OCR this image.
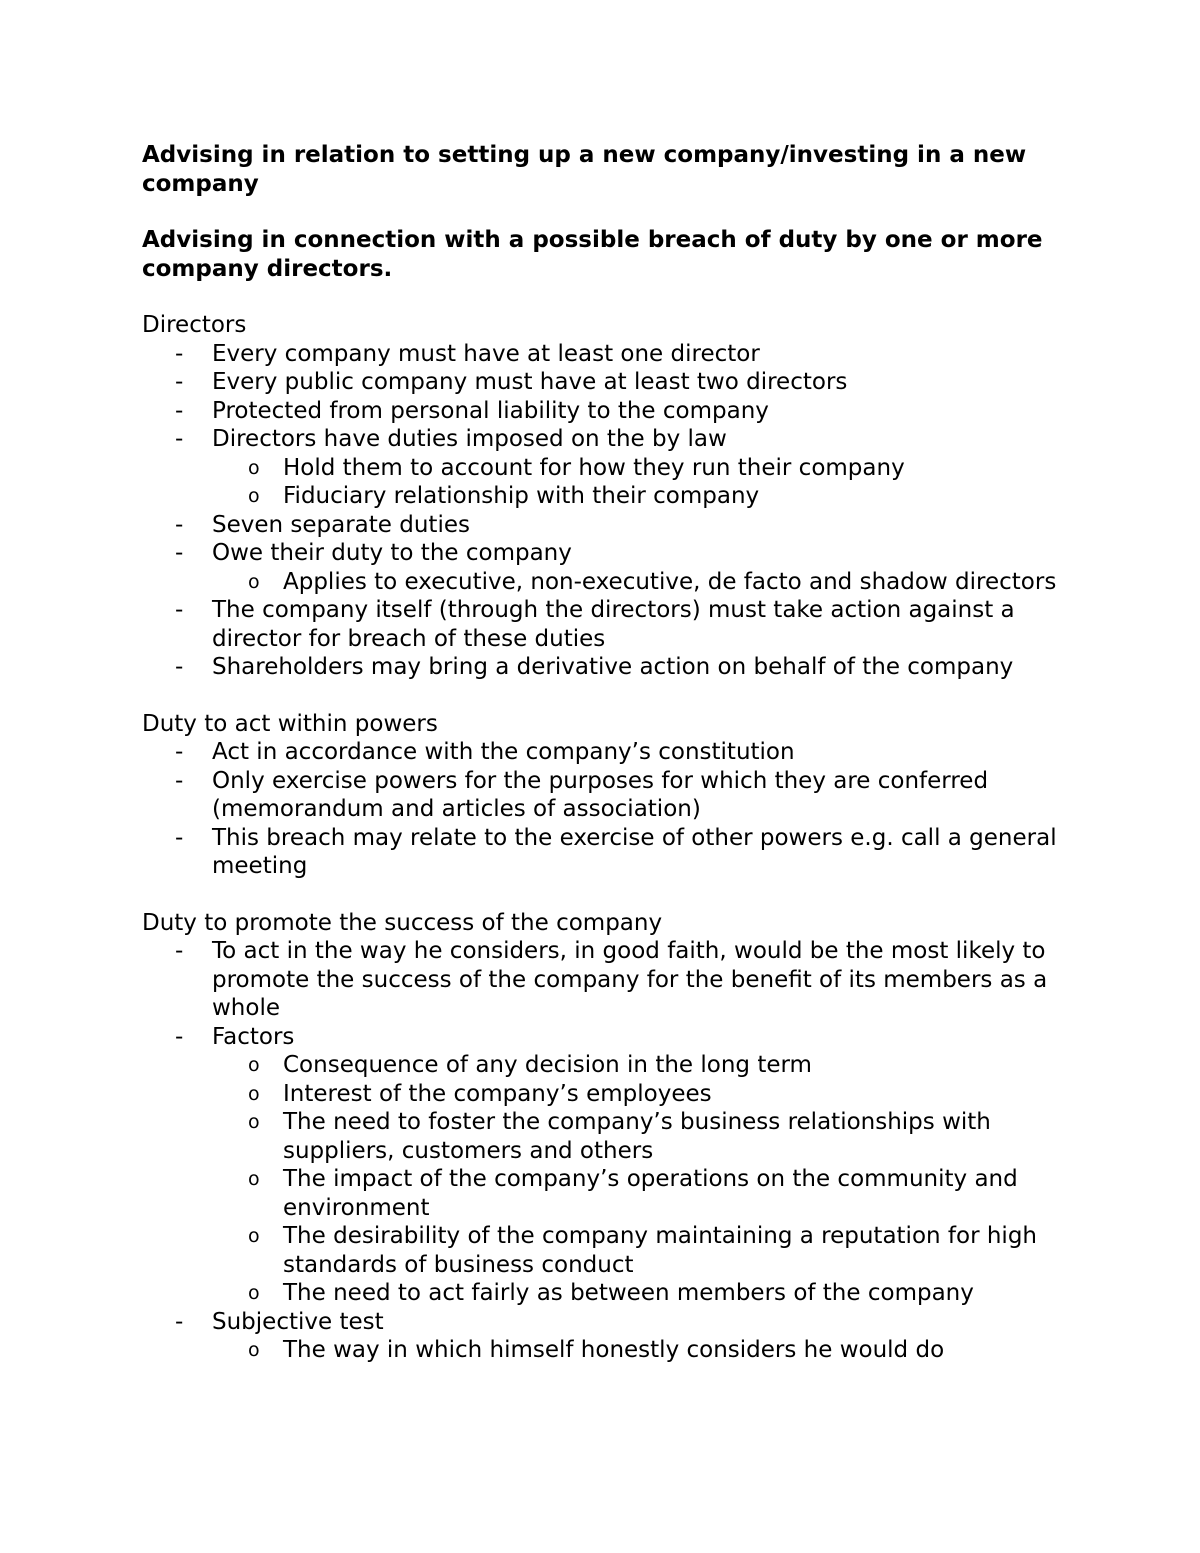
Advising in relation to setting up a new company/investing in a new company

Advising in connection with a possible breach of duty by one or more company directors.

Directors

- Every company must have at least one director
- Every public company must have at least two directors
- Protected from personal liability to the company
- Directors have duties imposed on the by law
o Hold them to account for how they run their company
o Fiduciary relationship with their company
- Seven separate duties
- Owe their duty to the company
o Applies to executive, non-executive, de facto and shadow directors
- The company itself (through the directors) must take action against a director for breach of these duties
- Shareholders may bring a derivative action on behalf of the company

Duty to act within powers

- Act in accordance with the company’s constitution
- Only exercise powers for the purposes for which they are conferred (memorandum and articles of association)
- This breach may relate to the exercise of other powers e.g. call a general meeting

Duty to promote the success of the company

- To act in the way he considers, in good faith, would be the most likely to promote the success of the company for the benefit of its members as a whole
- Factors
o Consequence of any decision in the long term
o Interest of the company’s employees
o The need to foster the company’s business relationships with suppliers, customers and others
o The impact of the company’s operations on the community and environment
o The desirability of the company maintaining a reputation for high standards of business conduct
o The need to act fairly as between members of the company
- Subjective test
o The way in which himself honestly considers he would do
